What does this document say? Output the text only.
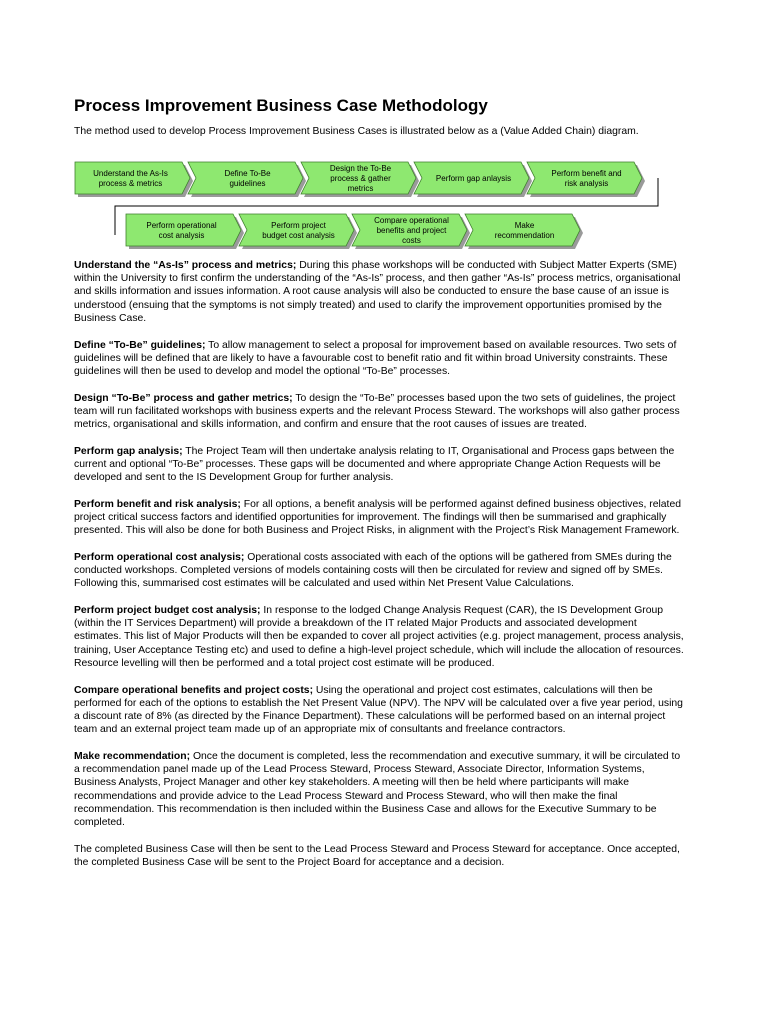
Process Improvement Business Case Methodology

The method used to develop Process Improvement Business Cases is illustrated below as a (Value Added Chain) diagram.

Understand the As-Is
process & metrics
Define To-Be
guidelines
Design the To-Be
process & gather
metrics
Perform gap anlaysis
Perform benefit and
risk analysis
Perform operational
cost analysis
Perform project
budget cost analysis
Compare operational
benefits and project
costs
Make
recommendation

Understand the “As-Is” process and metrics; During this phase workshops will be conducted with Subject Matter Experts (SME) within the University to first confirm the understanding of the “As-Is” process, and then gather “As-Is” process metrics, organisational and skills information and issues information. A root cause analysis will also be conducted to ensure the base cause of an issue is understood (ensuing that the symptoms is not simply treated) and used to clarify the improvement opportunities promised by the Business Case.

Define “To-Be” guidelines; To allow management to select a proposal for improvement based on available resources. Two sets of guidelines will be defined that are likely to have a favourable cost to benefit ratio and fit within broad University constraints. These guidelines will then be used to develop and model the optional “To-Be” processes.

Design “To-Be” process and gather metrics; To design the “To-Be” processes based upon the two sets of guidelines, the project team will run facilitated workshops with business experts and the relevant Process Steward. The workshops will also gather process metrics, organisational and skills information, and confirm and ensure that the root causes of issues are treated.

Perform gap analysis; The Project Team will then undertake analysis relating to IT, Organisational and Process gaps between the current and optional “To-Be” processes. These gaps will be documented and where appropriate Change Action Requests will be developed and sent to the IS Development Group for further analysis.

Perform benefit and risk analysis; For all options, a benefit analysis will be performed against defined business objectives, related project critical success factors and identified opportunities for improvement. The findings will then be summarised and graphically presented. This will also be done for both Business and Project Risks, in alignment with the Project’s Risk Management Framework.

Perform operational cost analysis; Operational costs associated with each of the options will be gathered from SMEs during the conducted workshops. Completed versions of models containing costs will then be circulated for review and signed off by SMEs. Following this, summarised cost estimates will be calculated and used within Net Present Value Calculations.

Perform project budget cost analysis; In response to the lodged Change Analysis Request (CAR), the IS Development Group (within the IT Services Department) will provide a breakdown of the IT related Major Products and associated development estimates. This list of Major Products will then be expanded to cover all project activities (e.g. project management, process analysis, training, User Acceptance Testing etc) and used to define a high-level project schedule, which will include the allocation of resources. Resource levelling will then be performed and a total project cost estimate will be produced.

Compare operational benefits and project costs; Using the operational and project cost estimates, calculations will then be performed for each of the options to establish the Net Present Value (NPV). The NPV will be calculated over a five year period, using a discount rate of 8% (as directed by the Finance Department). These calculations will be performed based on an internal project team and an external project team made up of an appropriate mix of consultants and freelance contractors.

Make recommendation; Once the document is completed, less the recommendation and executive summary, it will be circulated to a recommendation panel made up of the Lead Process Steward, Process Steward, Associate Director, Information Systems, Business Analysts, Project Manager and other key stakeholders. A meeting will then be held where participants will make recommendations and provide advice to the Lead Process Steward and Process Steward, who will then make the final recommendation. This recommendation is then included within the Business Case and allows for the Executive Summary to be completed.

The completed Business Case will then be sent to the Lead Process Steward and Process Steward for acceptance. Once accepted, the completed Business Case will be sent to the Project Board for acceptance and a decision.
